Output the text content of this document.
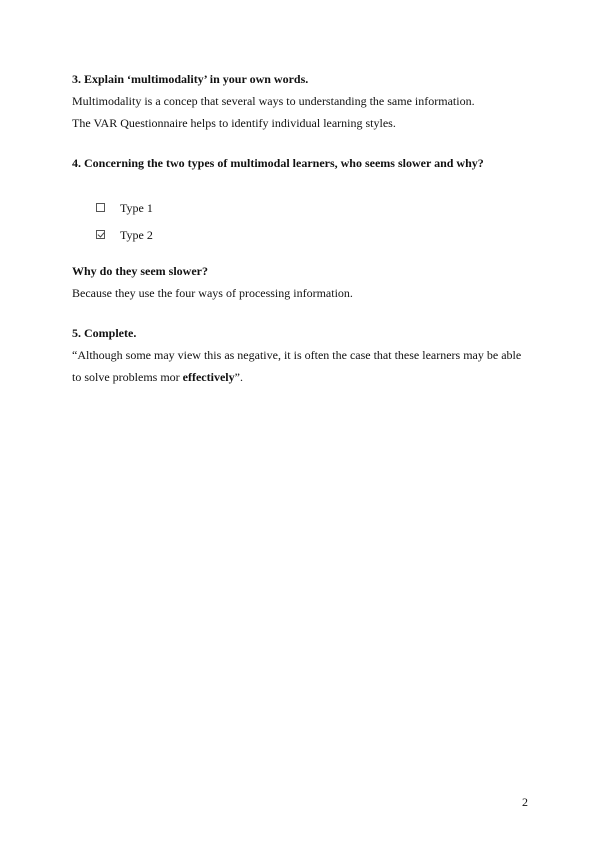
3. Explain ‘multimodality’ in your own words.

Multimodality is a concep that several ways to understanding the same information.

The VAR Questionnaire helps to identify individual learning styles.

4. Concerning the two types of multimodal learners, who seems slower and why?

Type 1
Type 2

Why do they seem slower?

Because they use the four ways of processing information.

5. Complete.

“Although some may view this as negative, it is often the case that these learners may be able to solve problems mor effectively”.

2
